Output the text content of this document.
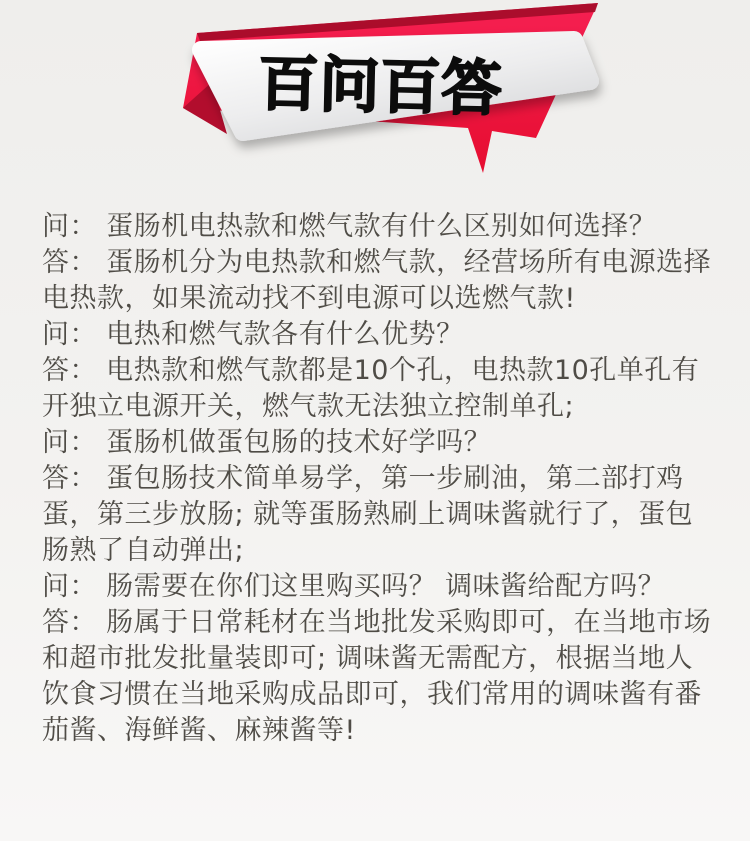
百问百答

问： 蛋肠机电热款和燃气款有什么区别如何选择？

答： 蛋肠机分为电热款和燃气款，经营场所有电源选择电热款，如果流动找不到电源可以选燃气款!

问： 电热和燃气款各有什么优势？

答： 电热款和燃气款都是10个孔，电热款10孔单孔有开独立电源开关，燃气款无法独立控制单孔;

问： 蛋肠机做蛋包肠的技术好学吗？

答： 蛋包肠技术简单易学，第一步刷油，第二部打鸡蛋，第三步放肠; 就等蛋肠熟刷上调味酱就行了，蛋包肠熟了自动弹出;

问： 肠需要在你们这里购买吗？ 调味酱给配方吗？

答： 肠属于日常耗材在当地批发采购即可，在当地市场和超市批发批量装即可; 调味酱无需配方，根据当地人饮食习惯在当地采购成品即可，我们常用的调味酱有番茄酱、海鲜酱、麻辣酱等!
